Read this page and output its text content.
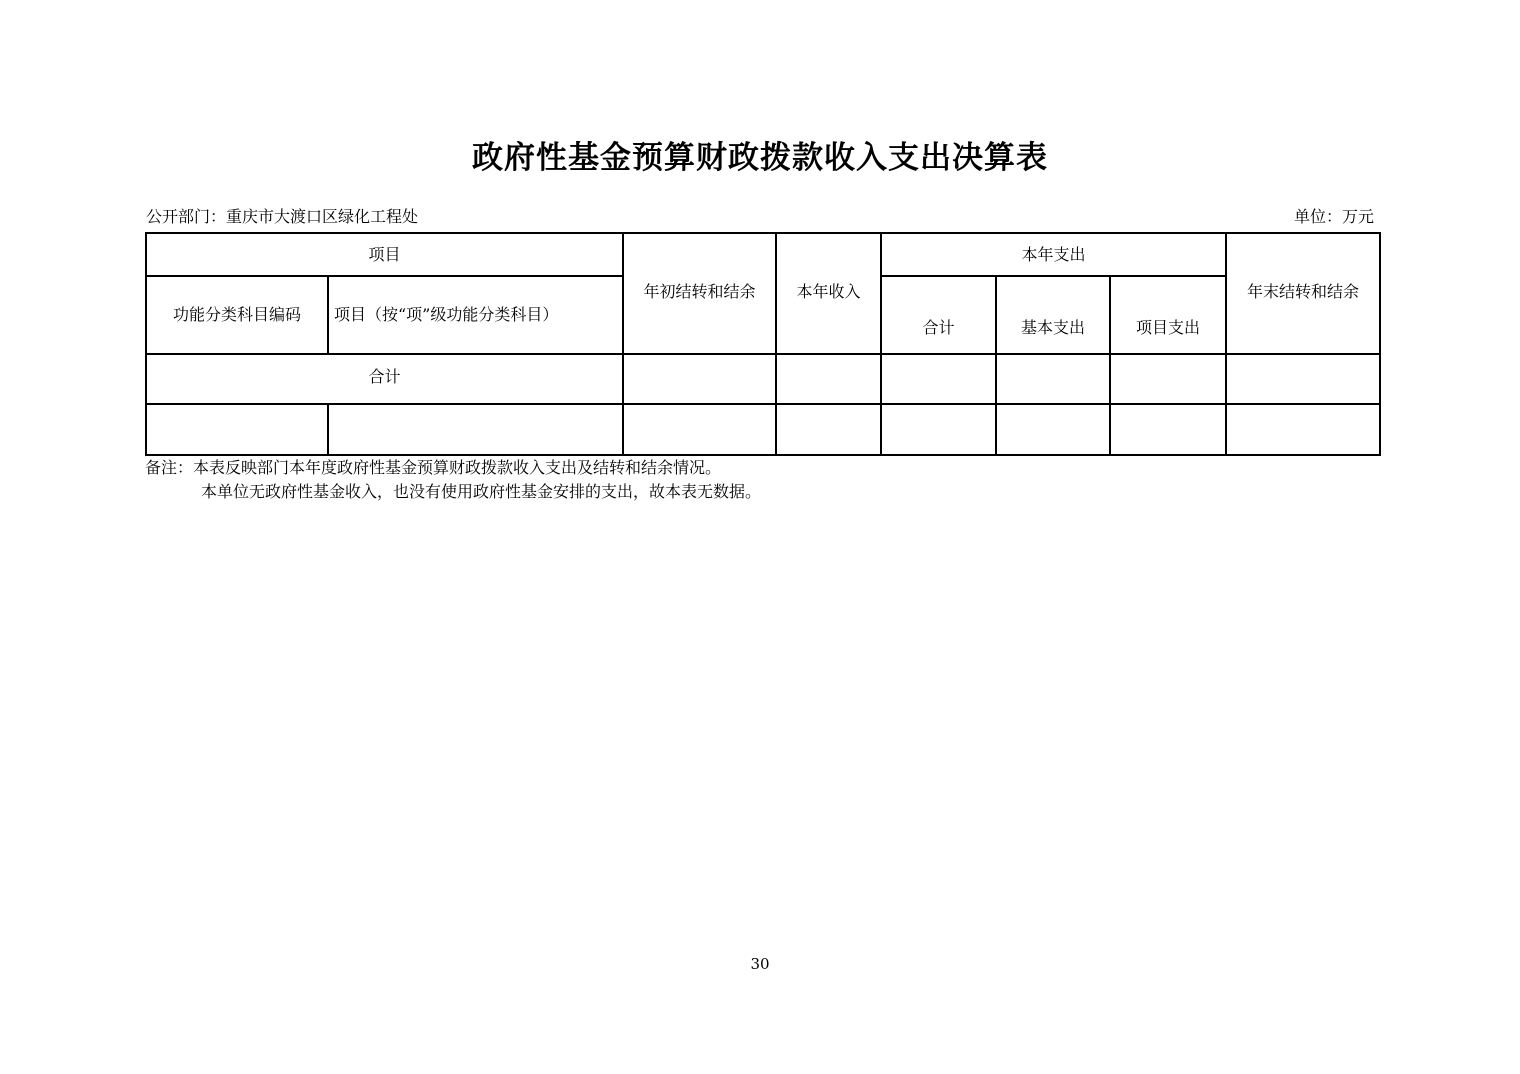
政府性基金预算财政拨款收入支出决算表
公开部门：重庆市大渡口区绿化工程处	单位：万元
项目		年初结转和结余	本年收入	本年支出			年末结转和结余
功能分类科目编码	项目（按“项”级功能分类科目）			合计	基本支出	项目支出	
合计							

备注：本表反映部门本年度政府性基金预算财政拨款收入支出及结转和结余情况。
本单位无政府性基金收入，也没有使用政府性基金安排的支出，故本表无数据。
30
